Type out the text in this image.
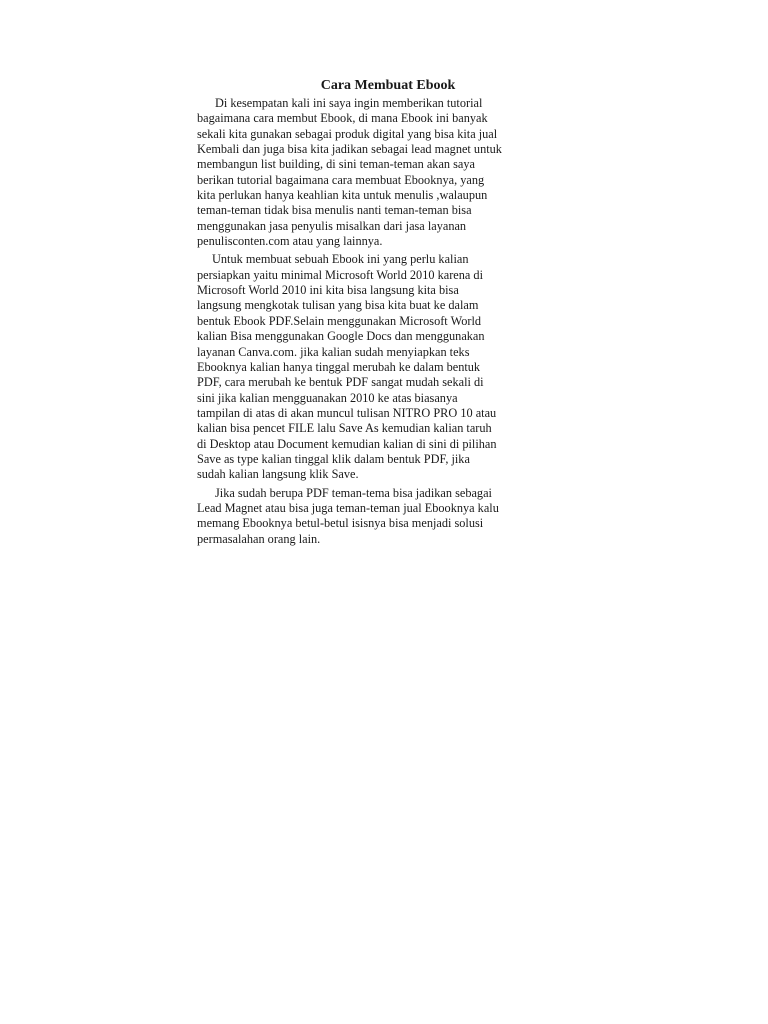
Cara Membuat Ebook

Di kesempatan kali ini saya ingin memberikan tutorial
bagaimana cara membut Ebook, di mana Ebook ini banyak
sekali kita gunakan sebagai produk digital yang bisa kita jual
Kembali dan juga bisa kita jadikan sebagai lead magnet untuk
membangun list building, di sini teman-teman akan saya
berikan tutorial bagaimana cara membuat Ebooknya, yang
kita perlukan hanya keahlian kita untuk menulis ,walaupun
teman-teman tidak bisa menulis nanti teman-teman bisa
menggunakan jasa penyulis misalkan dari jasa layanan
penulisconten.com atau yang lainnya.

Untuk membuat sebuah Ebook ini yang perlu kalian
persiapkan yaitu minimal Microsoft World 2010 karena di
Microsoft World 2010 ini kita bisa langsung kita bisa
langsung mengkotak tulisan yang bisa kita buat ke dalam
bentuk Ebook PDF.Selain menggunakan Microsoft World
kalian Bisa menggunakan Google Docs dan menggunakan
layanan Canva.com. jika kalian sudah menyiapkan teks
Ebooknya kalian hanya tinggal merubah ke dalam bentuk
PDF, cara merubah ke bentuk PDF sangat mudah sekali di
sini jika kalian mengguanakan 2010 ke atas biasanya
tampilan di atas di akan muncul tulisan NITRO PRO 10 atau
kalian bisa pencet FILE lalu Save As kemudian kalian taruh
di Desktop atau Document kemudian kalian di sini di pilihan
Save as type kalian tinggal klik dalam bentuk PDF, jika
sudah kalian langsung klik Save.

Jika sudah berupa PDF teman-tema bisa jadikan sebagai
Lead Magnet atau bisa juga teman-teman jual Ebooknya kalu
memang Ebooknya betul-betul isisnya bisa menjadi solusi
permasalahan orang lain.
